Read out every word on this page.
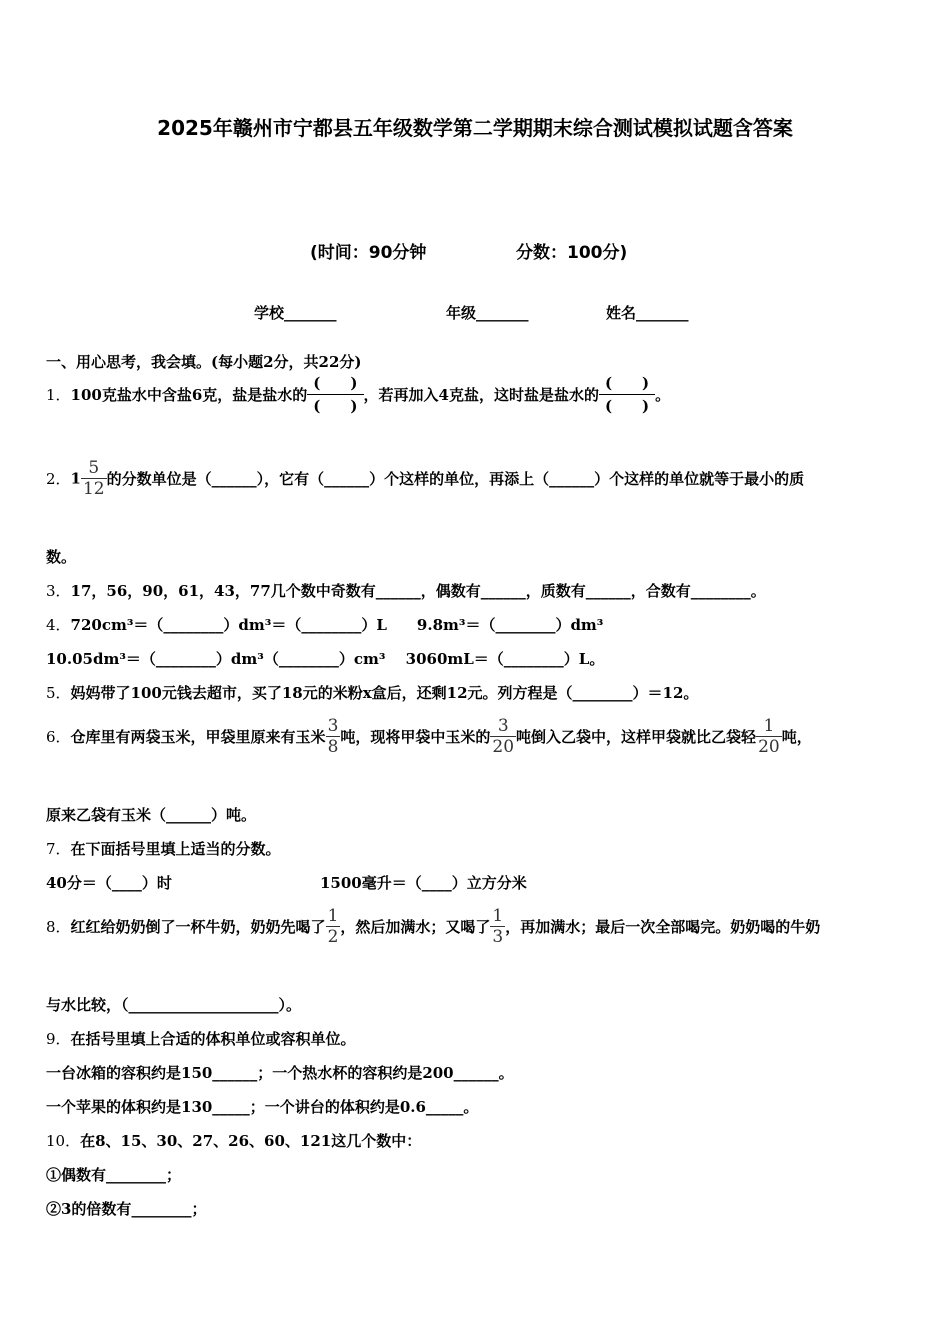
2025年赣州市宁都县五年级数学第二学期期末综合测试模拟试题含答案
(时间：90分钟	分数：100分)
学校_______	年级_______	姓名_______
一、用心思考，我会填。(每小题2分，共22分)
1．100克盐水中含盐6克，盐是盐水的
(　　)
(　　)
，若再加入4克盐，这时盐是盐水的
(　　)
(　　)
。
2．$1 \frac{5}{12}$ 的分数单位是（______），它有（______）个这样的单位，再添上（______）个这样的单位就等于最小的质
数。
3．17，56，90，61，43，77几个数中奇数有______，偶数有______，质数有______，合数有________。
4．720cm³＝（________）dm³＝（________）L　　9.8m³＝（________）dm³
10.05dm³＝（________）dm³（________）cm³　 3060mL＝（________）L。
5．妈妈带了100元钱去超市，买了18元的米粉x盒后，还剩12元。列方程是（________）＝12。
6．仓库里有两袋玉米，甲袋里原来有玉米 $\frac{3}{8}$ 吨，现将甲袋中玉米的 $\frac{3}{20}$ 吨倒入乙袋中，这样甲袋就比乙袋轻 $\frac{1}{20}$ 吨，
原来乙袋有玉米（______）吨。
7．在下面括号里填上适当的分数。
40分＝（____）时	1500毫升＝（____）立方分米
8．红红给奶奶倒了一杯牛奶，奶奶先喝了 $\frac{1}{2}$ ，然后加满水；又喝了 $\frac{1}{3}$ ，再加满水；最后一次全部喝完。奶奶喝的牛奶
与水比较，（____________________）。
9．在括号里填上合适的体积单位或容积单位。
一台冰箱的容积约是150______；一个热水杯的容积约是200______。
一个苹果的体积约是130_____；一个讲台的体积约是0.6_____。
10．在8、15、30、27、26、60、121这几个数中：
①偶数有________；
②3的倍数有________；
